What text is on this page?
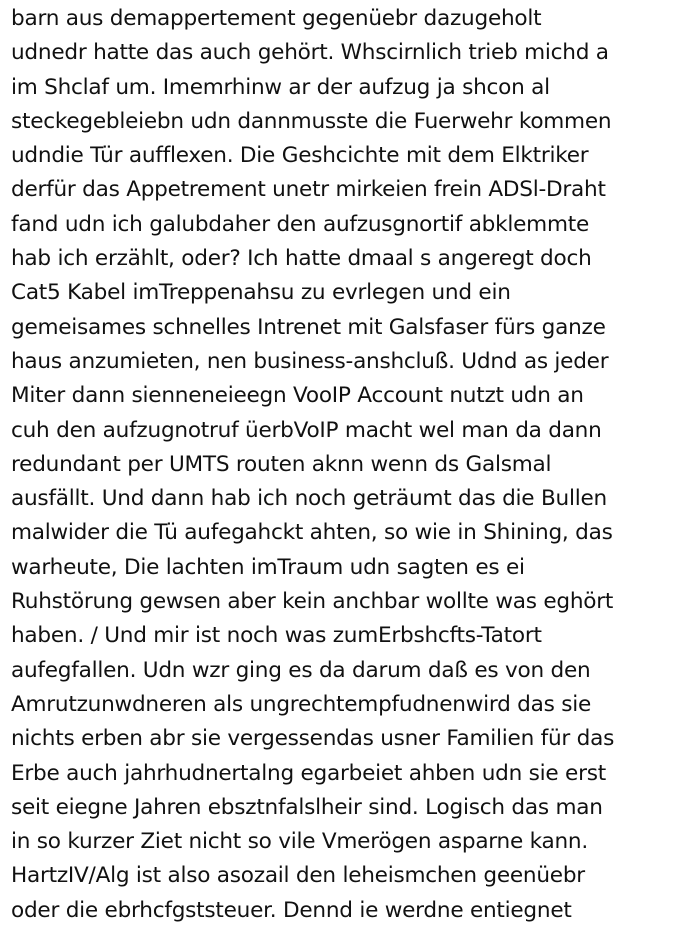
barn aus demappertement gegenüebr dazugeholt
udnedr hatte das auch gehört. Whscirnlich trieb michd a
im Shclaf um. Imemrhinw ar der aufzug ja shcon al
steckegebleiebn udn dannmusste die Fuerwehr kommen
udndie Tür aufflexen. Die Geshcichte mit dem Elktriker
derfür das Appetrement unetr mirkeien frein ADSl-Draht
fand udn ich galubdaher den aufzusgnortif abklemmte
hab ich erzählt, oder? Ich hatte dmaal s angeregt doch
Cat5 Kabel imTreppenahsu zu evrlegen und ein
gemeisames schnelles Intrenet mit Galsfaser fürs ganze
haus anzumieten, nen business-anshcluß. Udnd as jeder
Miter dann sienneneieegn VooIP Account nutzt udn an
cuh den aufzugnotruf üerbVoIP macht wel man da dann
redundant per UMTS routen aknn wenn ds Galsmal
ausfällt. Und dann hab ich noch geträumt das die Bullen
malwider die Tü aufegahckt ahten, so wie in Shining, das
warheute, Die lachten imTraum udn sagten es ei
Ruhstörung gewsen aber kein anchbar wollte was eghört
haben. / Und mir ist noch was zumErbshcfts-Tatort
aufegfallen. Udn wzr ging es da darum daß es von den
Amrutzunwdneren als ungrechtempfudnenwird das sie
nichts erben abr sie vergessendas usner Familien für das
Erbe auch jahrhudnertalng egarbeiet ahben udn sie erst
seit eiegne Jahren ebsztnfalslheir sind. Logisch das man
in so kurzer Ziet nicht so vile Vmerögen asparne kann.
HartzIV/Alg ist also asozail den leheismchen geenüebr
oder die ebrhcfgststeuer. Dennd ie werdne entiegnet
